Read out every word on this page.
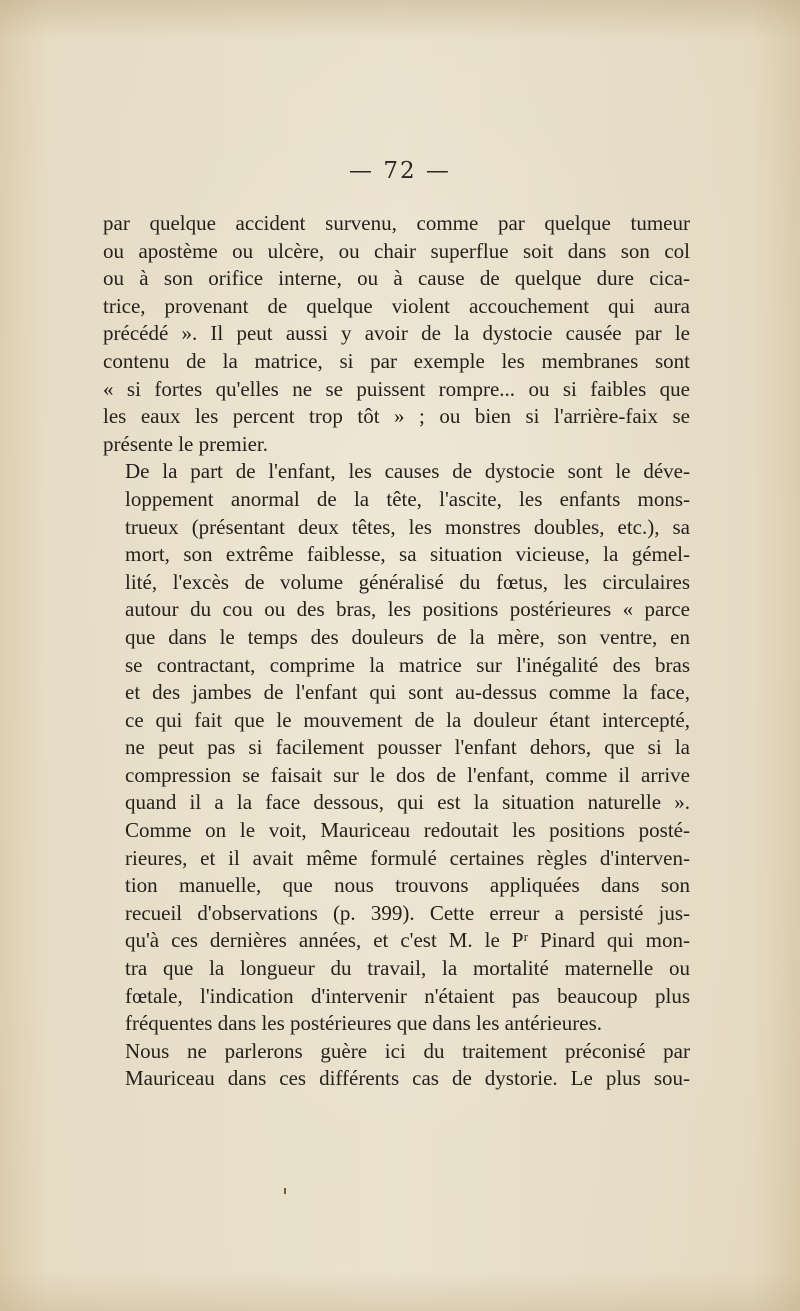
— 72 —

par quelque accident survenu, comme par quelque tumeur
ou apostème ou ulcère, ou chair superflue soit dans son col
ou à son orifice interne, ou à cause de quelque dure cica-
trice, provenant de quelque violent accouchement qui aura
précédé ». Il peut aussi y avoir de la dystocie causée par le
contenu de la matrice, si par exemple les membranes sont
« si fortes qu'elles ne se puissent rompre... ou si faibles que
les eaux les percent trop tôt » ; ou bien si l'arrière-faix se
présente le premier.

De la part de l'enfant, les causes de dystocie sont le déve-
loppement anormal de la tête, l'ascite, les enfants mons-
trueux (présentant deux têtes, les monstres doubles, etc.), sa
mort, son extrême faiblesse, sa situation vicieuse, la gémel-
lité, l'excès de volume généralisé du fœtus, les circulaires
autour du cou ou des bras, les positions postérieures « parce
que dans le temps des douleurs de la mère, son ventre, en
se contractant, comprime la matrice sur l'inégalité des bras
et des jambes de l'enfant qui sont au-dessus comme la face,
ce qui fait que le mouvement de la douleur étant intercepté,
ne peut pas si facilement pousser l'enfant dehors, que si la
compression se faisait sur le dos de l'enfant, comme il arrive
quand il a la face dessous, qui est la situation naturelle ».
Comme on le voit, Mauriceau redoutait les positions posté-
rieures, et il avait même formulé certaines règles d'interven-
tion manuelle, que nous trouvons appliquées dans son
recueil d'observations (p. 399). Cette erreur a persisté jus-
qu'à ces dernières années, et c'est M. le Pʳ Pinard qui mon-
tra que la longueur du travail, la mortalité maternelle ou
fœtale, l'indication d'intervenir n'étaient pas beaucoup plus
fréquentes dans les postérieures que dans les antérieures.

Nous ne parlerons guère ici du traitement préconisé par
Mauriceau dans ces différents cas de dystorie. Le plus sou-
